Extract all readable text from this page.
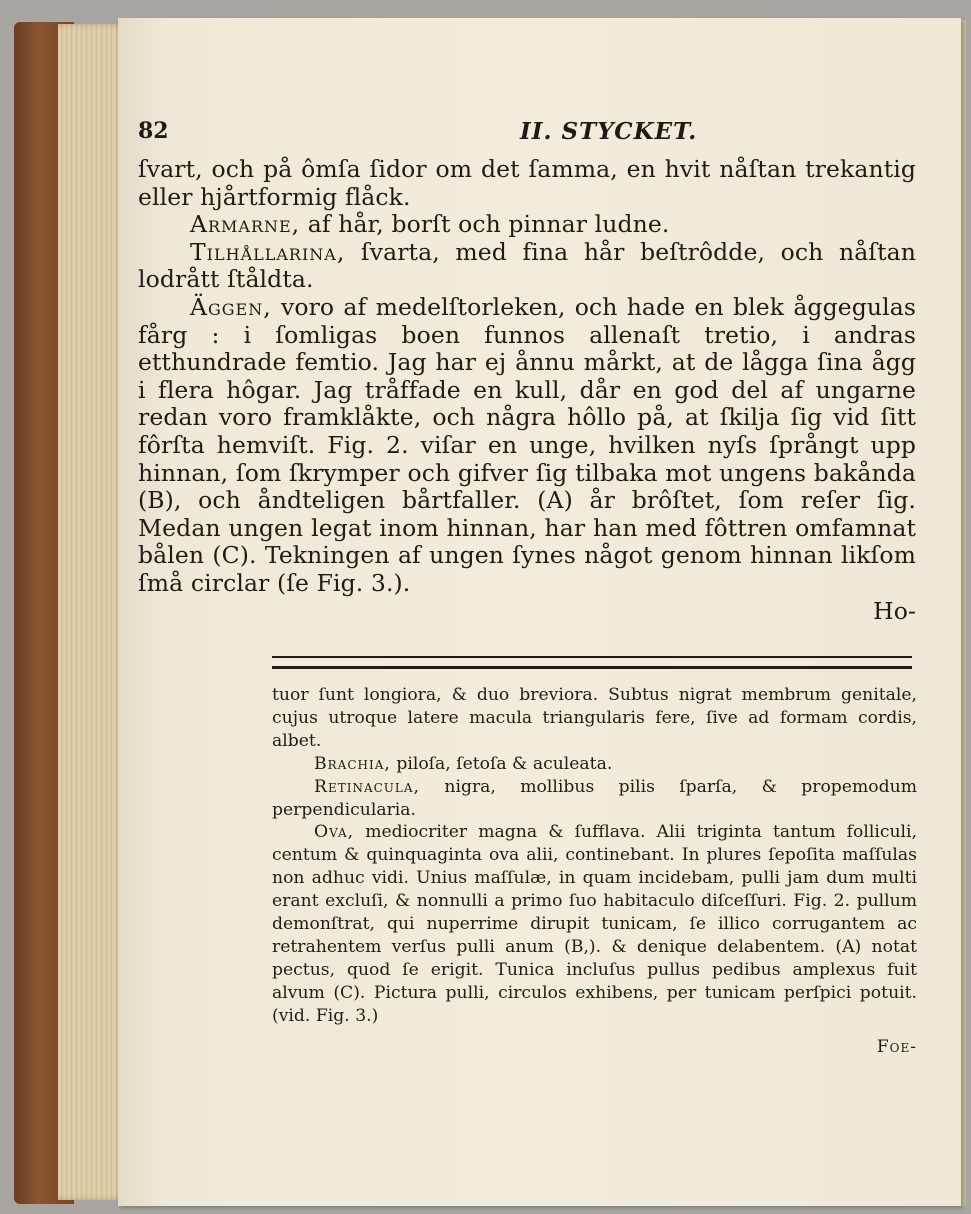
82	II. STYCKET.

ſvart, och på ômſa ſidor om det ſamma, en hvit nåſtan trekantig eller hjårtformig flåck.

Armarne, af hår, borſt och pinnar ludne.

Tilhållarina, ſvarta, med fina hår beſtrôdde, och nåſtan lodrått ſtåldta.

Äggen, voro af medelſtorleken, och hade en blek åggegulas fårg : i ſomligas boen funnos allenaſt tretio, i andras etthundrade femtio. Jag har ej ånnu mårkt, at de lågga ſina ågg i flera hôgar. Jag tråffade en kull, dår en god del af ungarne redan voro framklåkte, och några hôllo på, at ſkilja ſig vid ſitt fôrſta hemviſt. Fig. 2. viſar en unge, hvilken nyſs ſprångt upp hinnan, ſom ſkrymper och gifver ſig tilbaka mot ungens bakånda (B), och åndteligen bårtfaller. (A) år brôſtet, ſom reſer ſig. Medan ungen legat inom hinnan, har han med fôttren omfamnat bålen (C). Tekningen af ungen ſynes något genom hinnan likſom ſmå circlar (ſe Fig. 3.).

Ho-

tuor ſunt longiora, & duo breviora. Subtus nigrat membrum genitale, cujus utroque latere macula triangularis fere, ſive ad formam cordis, albet.

Brachia, piloſa, ſetoſa & aculeata.

Retinacula, nigra, mollibus pilis ſparſa, & propemodum perpendicularia.

Ova, mediocriter magna & ſufflava. Alii triginta tantum folliculi, centum & quinquaginta ova alii, continebant. In plures ſepoſita maſſulas non adhuc vidi. Unius maſſulæ, in quam incidebam, pulli jam dum multi erant excluſi, & nonnulli a primo ſuo habitaculo diſceſſuri. Fig. 2. pullum demonſtrat, qui nuperrime dirupit tunicam, ſe illico corrugantem ac retrahentem verſus pulli anum (B,). & denique delabentem. (A) notat pectus, quod ſe erigit. Tunica incluſus pullus pedibus amplexus fuit alvum (C). Pictura pulli, circulos exhibens, per tunicam perſpici potuit. (vid. Fig. 3.)

Foe-
